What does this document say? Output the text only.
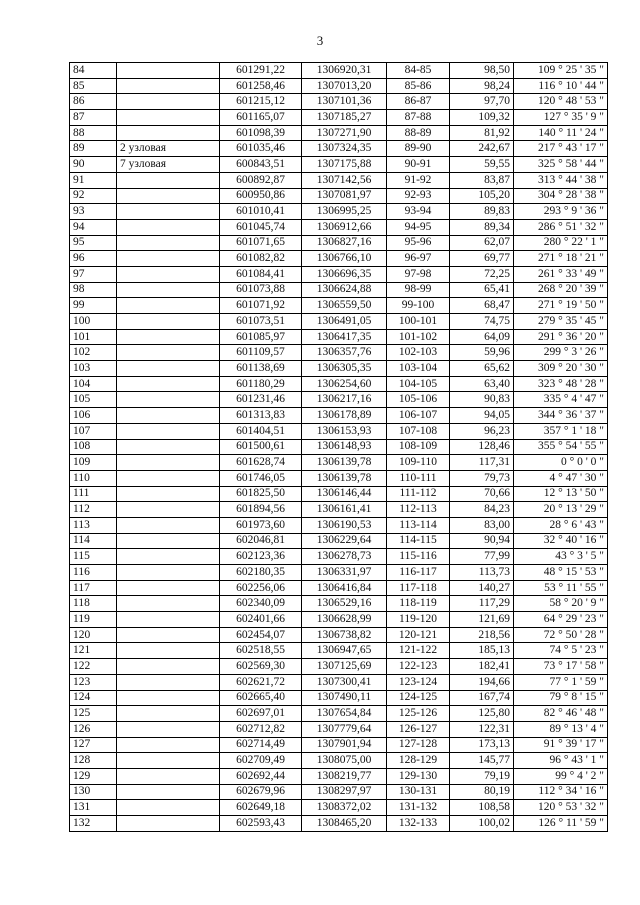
3
84		601291,22	1306920,31	84-85	98,50	109 ° 25 ' 35 "
85		601258,46	1307013,20	85-86	98,24	116 ° 10 ' 44 "
86		601215,12	1307101,36	86-87	97,70	120 ° 48 ' 53 "
87		601165,07	1307185,27	87-88	109,32	127 ° 35 ' 9 "
88		601098,39	1307271,90	88-89	81,92	140 ° 11 ' 24 "
89	2 узловая	601035,46	1307324,35	89-90	242,67	217 ° 43 ' 17 "
90	7 узловая	600843,51	1307175,88	90-91	59,55	325 ° 58 ' 44 "
91		600892,87	1307142,56	91-92	83,87	313 ° 44 ' 38 "
92		600950,86	1307081,97	92-93	105,20	304 ° 28 ' 38 "
93		601010,41	1306995,25	93-94	89,83	293 ° 9 ' 36 "
94		601045,74	1306912,66	94-95	89,34	286 ° 51 ' 32 "
95		601071,65	1306827,16	95-96	62,07	280 ° 22 ' 1 "
96		601082,82	1306766,10	96-97	69,77	271 ° 18 ' 21 "
97		601084,41	1306696,35	97-98	72,25	261 ° 33 ' 49 "
98		601073,88	1306624,88	98-99	65,41	268 ° 20 ' 39 "
99		601071,92	1306559,50	99-100	68,47	271 ° 19 ' 50 "
100		601073,51	1306491,05	100-101	74,75	279 ° 35 ' 45 "
101		601085,97	1306417,35	101-102	64,09	291 ° 36 ' 20 "
102		601109,57	1306357,76	102-103	59,96	299 ° 3 ' 26 "
103		601138,69	1306305,35	103-104	65,62	309 ° 20 ' 30 "
104		601180,29	1306254,60	104-105	63,40	323 ° 48 ' 28 "
105		601231,46	1306217,16	105-106	90,83	335 ° 4 ' 47 "
106		601313,83	1306178,89	106-107	94,05	344 ° 36 ' 37 "
107		601404,51	1306153,93	107-108	96,23	357 ° 1 ' 18 "
108		601500,61	1306148,93	108-109	128,46	355 ° 54 ' 55 "
109		601628,74	1306139,78	109-110	117,31	0 ° 0 ' 0 "
110		601746,05	1306139,78	110-111	79,73	4 ° 47 ' 30 "
111		601825,50	1306146,44	111-112	70,66	12 ° 13 ' 50 "
112		601894,56	1306161,41	112-113	84,23	20 ° 13 ' 29 "
113		601973,60	1306190,53	113-114	83,00	28 ° 6 ' 43 "
114		602046,81	1306229,64	114-115	90,94	32 ° 40 ' 16 "
115		602123,36	1306278,73	115-116	77,99	43 ° 3 ' 5 "
116		602180,35	1306331,97	116-117	113,73	48 ° 15 ' 53 "
117		602256,06	1306416,84	117-118	140,27	53 ° 11 ' 55 "
118		602340,09	1306529,16	118-119	117,29	58 ° 20 ' 9 "
119		602401,66	1306628,99	119-120	121,69	64 ° 29 ' 23 "
120		602454,07	1306738,82	120-121	218,56	72 ° 50 ' 28 "
121		602518,55	1306947,65	121-122	185,13	74 ° 5 ' 23 "
122		602569,30	1307125,69	122-123	182,41	73 ° 17 ' 58 "
123		602621,72	1307300,41	123-124	194,66	77 ° 1 ' 59 "
124		602665,40	1307490,11	124-125	167,74	79 ° 8 ' 15 "
125		602697,01	1307654,84	125-126	125,80	82 ° 46 ' 48 "
126		602712,82	1307779,64	126-127	122,31	89 ° 13 ' 4 "
127		602714,49	1307901,94	127-128	173,13	91 ° 39 ' 17 "
128		602709,49	1308075,00	128-129	145,77	96 ° 43 ' 1 "
129		602692,44	1308219,77	129-130	79,19	99 ° 4 ' 2 "
130		602679,96	1308297,97	130-131	80,19	112 ° 34 ' 16 "
131		602649,18	1308372,02	131-132	108,58	120 ° 53 ' 32 "
132		602593,43	1308465,20	132-133	100,02	126 ° 11 ' 59 "
